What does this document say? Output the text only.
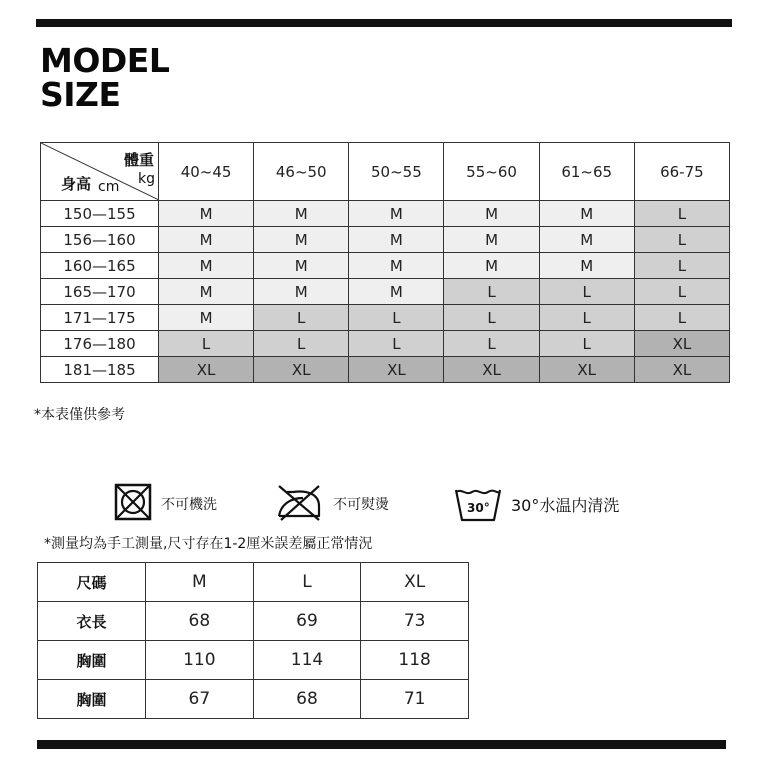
MODEL
SIZE
體重
kg
身高 cm	40~45	46~50	50~55	55~60	61~65	66-75
150—155	M	M	M	M	M	L
156—160	M	M	M	M	M	L
160—165	M	M	M	M	M	L
165—170	M	M	M	L	L	L
171—175	M	L	L	L	L	L
176—180	L	L	L	L	L	XL
181—185	XL	XL	XL	XL	XL	XL
*本表僅供參考
不可機洗	不可熨燙	30° 30°水温内清洗
*測量均為手工測量,尺寸存在1-2厘米誤差屬正常情況
尺碼	M	L	XL
衣長	68	69	73
胸圍	110	114	118
胸圍	67	68	71
